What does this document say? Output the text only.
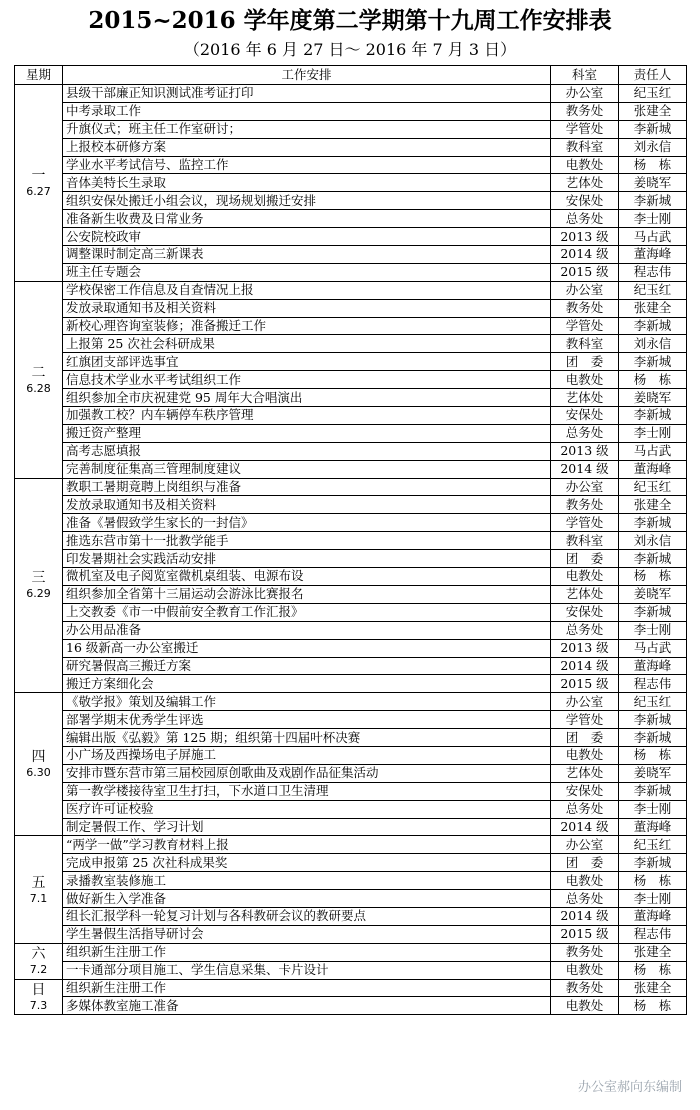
2015~2016 学年度第二学期第十九周工作安排表
（2016 年 6 月 27 日～ 2016 年 7 月 3 日）
星期	工作安排	科室	责任人

一
6.27	县级干部廉正知识测试准考证打印	办公室	纪玉红
	中考录取工作	教务处	张建全
	升旗仪式；班主任工作室研讨；	学管处	李新城
	上报校本研修方案	教科室	刘永信
	学业水平考试信号、监控工作	电教处	杨　栋
	音体美特长生录取	艺体处	姜晓军
	组织安保处搬迁小组会议，现场规划搬迁安排	安保处	李新城
	准备新生收费及日常业务	总务处	李士刚
	公安院校政审	2013 级	马占武
	调整课时制定高三新课表	2014 级	董海峰
	班主任专题会	2015 级	程志伟

二
6.28	学校保密工作信息及自查情况上报	办公室	纪玉红
	发放录取通知书及相关资料	教务处	张建全
	新校心理咨询室装修；准备搬迁工作	学管处	李新城
	上报第 25 次社会科研成果	教科室	刘永信
	红旗团支部评选事宜	团　委	李新城
	信息技术学业水平考试组织工作	电教处	杨　栋
	组织参加全市庆祝建党 95 周年大合唱演出	艺体处	姜晓军
	加强教工校？内车辆停车秩序管理	安保处	李新城
	搬迁资产整理	总务处	李士刚
	高考志愿填报	2013 级	马占武
	完善制度征集高三管理制度建议	2014 级	董海峰

三
6.29	教职工暑期竟聘上岗组织与准备	办公室	纪玉红
	发放录取通知书及相关资料	教务处	张建全
	准备《暑假致学生家长的一封信》	学管处	李新城
	推选东营市第十一批教学能手	教科室	刘永信
	印发暑期社会实践活动安排	团　委	李新城
	微机室及电子阅览室微机桌组装、电源布设	电教处	杨　栋
	组织参加全省第十三届运动会游泳比赛报名	艺体处	姜晓军
	上交教委《市一中假前安全教育工作汇报》	安保处	李新城
	办公用品准备	总务处	李士刚
	16 级新高一办公室搬迁	2013 级	马占武
	研究暑假高三搬迁方案	2014 级	董海峰
	搬迁方案细化会	2015 级	程志伟

四
6.30	《敬学报》策划及编辑工作	办公室	纪玉红
	部署学期末优秀学生评选	学管处	李新城
	编辑出版《弘毅》第 125 期；组织第十四届叶杯决赛	团　委	李新城
	小广场及西操场电子屏施工	电教处	杨　栋
	安排市暨东营市第三届校园原创歌曲及戏剧作品征集活动	艺体处	姜晓军
	第一教学楼接待室卫生打扫，下水道口卫生清理	安保处	李新城
	医疗许可证校验	总务处	李士刚
	制定暑假工作、学习计划	2014 级	董海峰

五
7.1	“两学一做”学习教育材料上报	办公室	纪玉红
	完成申报第 25 次社科成果奖	团　委	李新城
	录播教室装修施工	电教处	杨　栋
	做好新生入学准备	总务处	李士刚
	组长汇报学科一轮复习计划与各科教研会议的教研要点	2014 级	董海峰
	学生暑假生活指导研讨会	2015 级	程志伟

六
7.2	组织新生注册工作	教务处	张建全
	一卡通部分项目施工、学生信息采集、卡片设计	电教处	杨　栋

日
7.3	组织新生注册工作	教务处	张建全
	多媒体教室施工准备	电教处	杨　栋
办公室郝向东编制
